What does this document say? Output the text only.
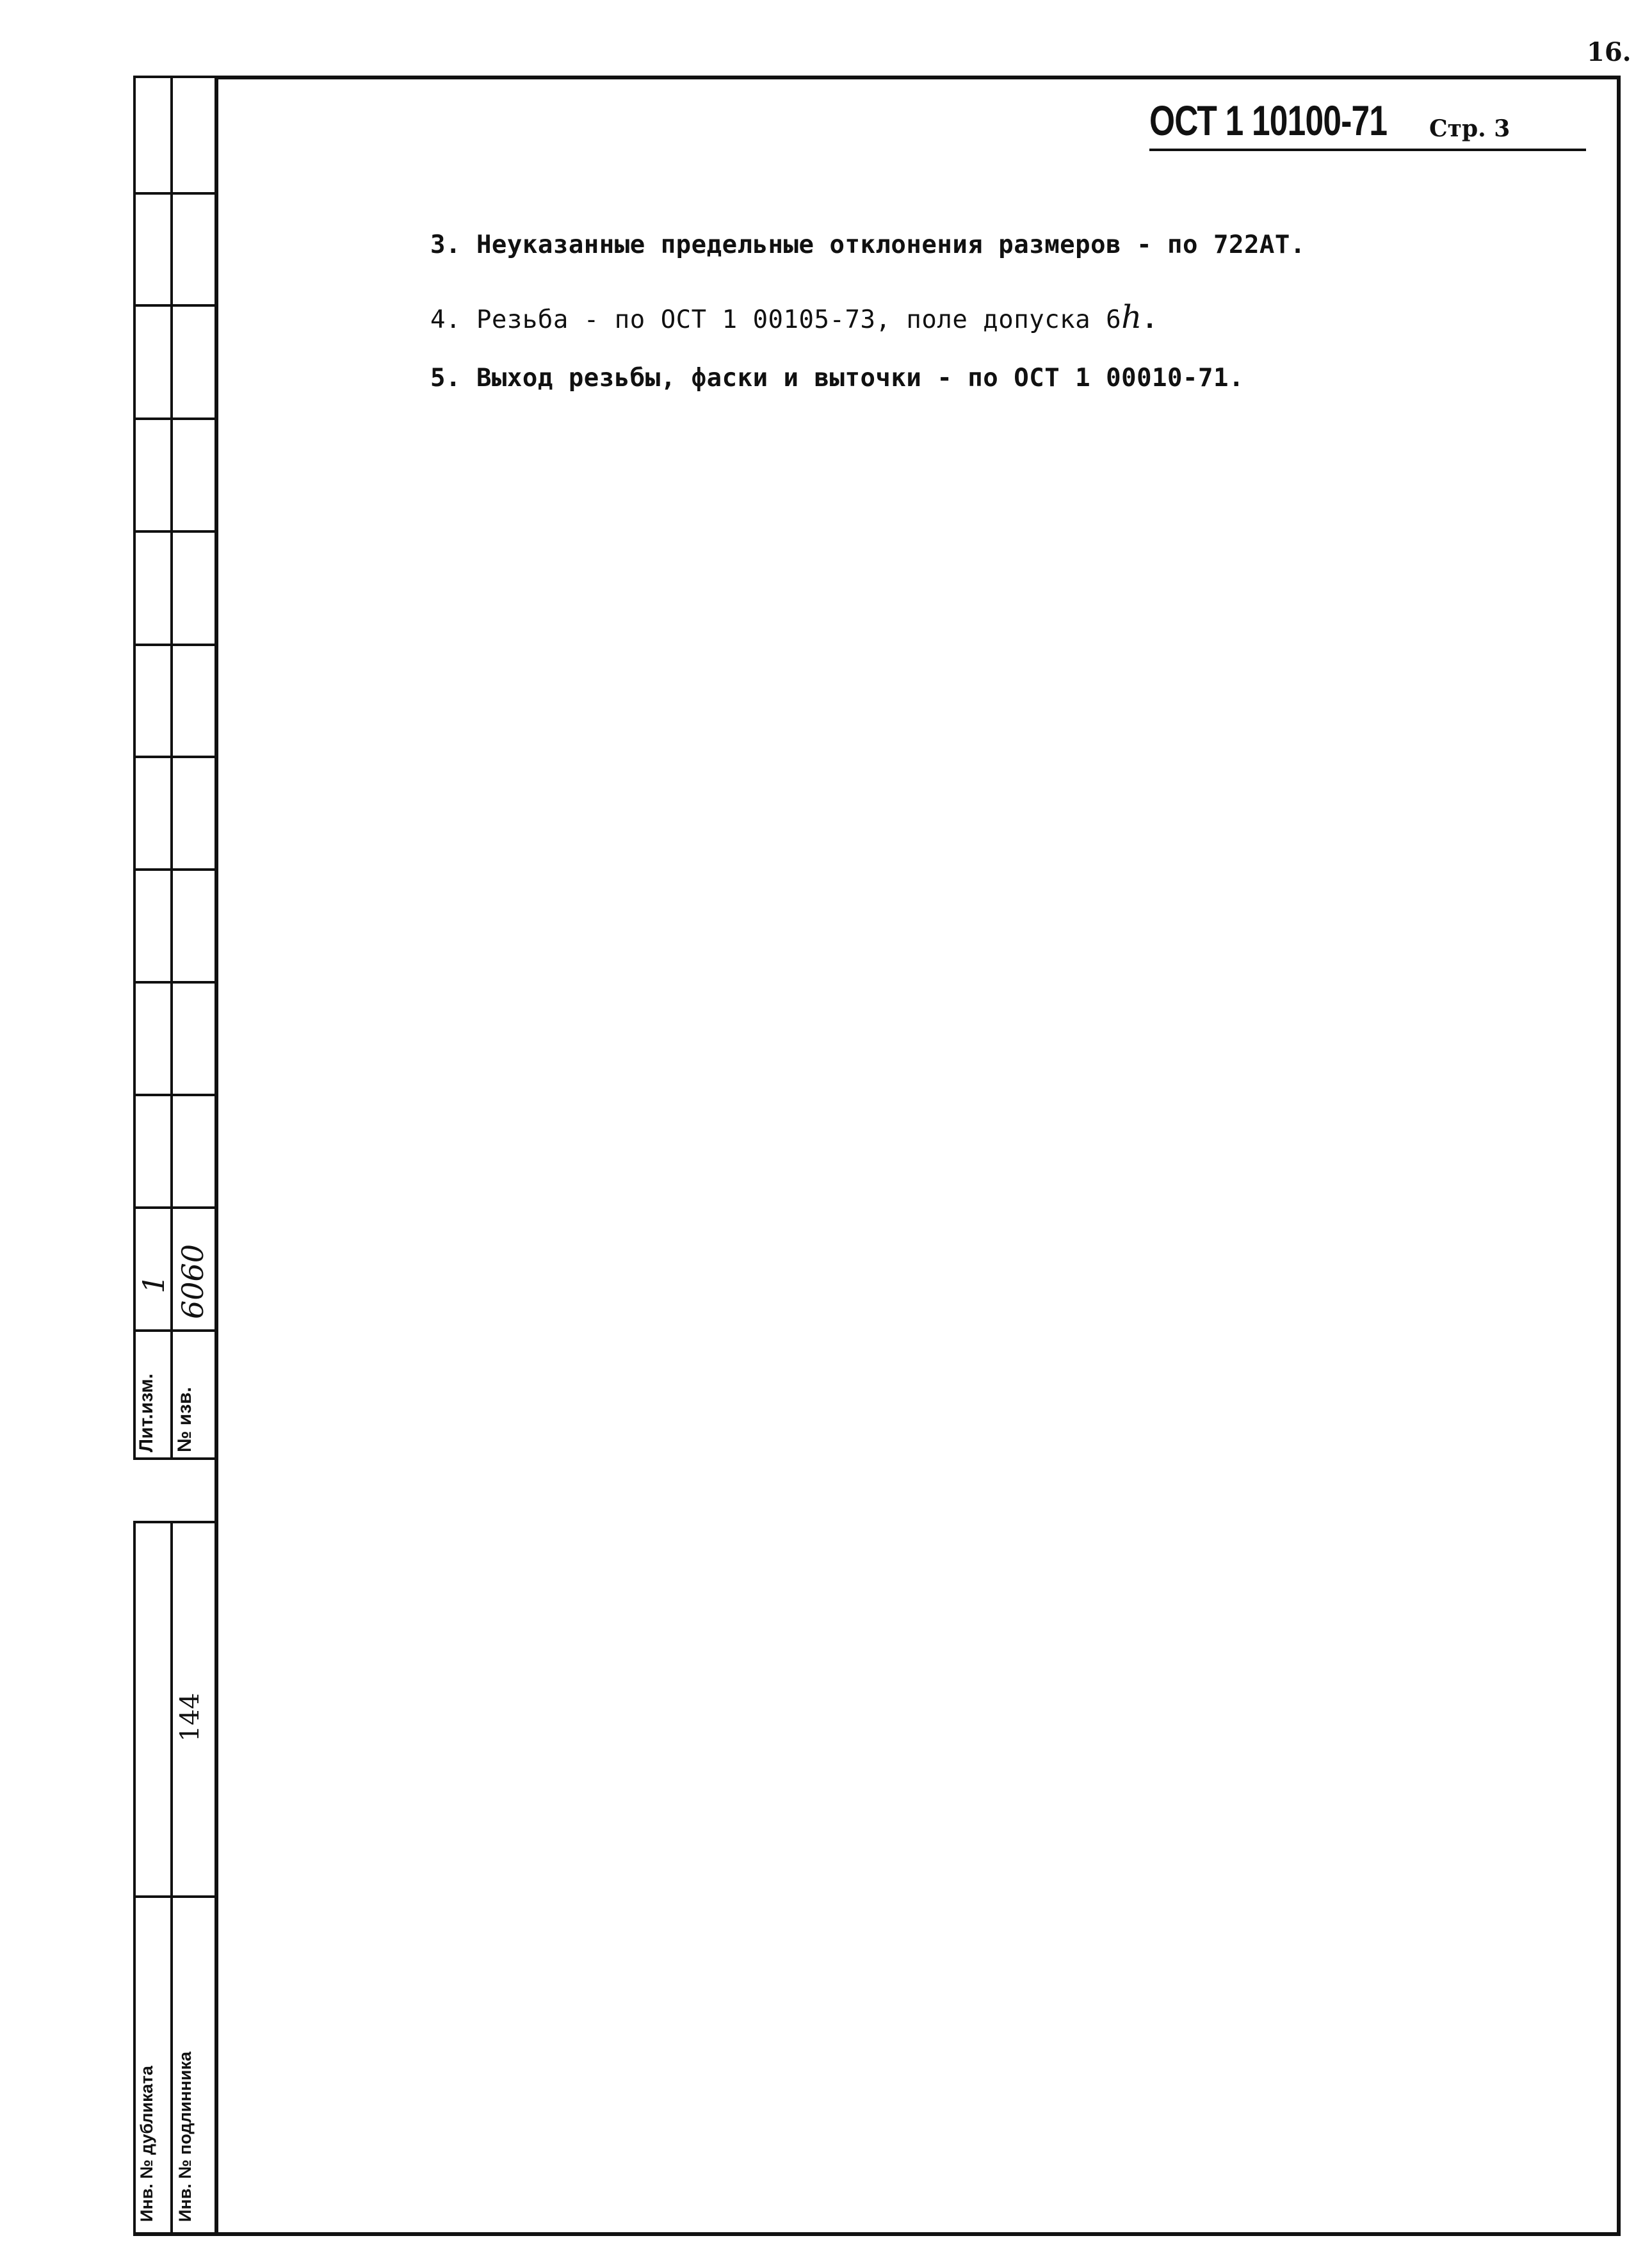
16.
Лит.изм. № изв.
1 6060
Инв. № дубликата Инв. № подлинника
144
ОСТ 1 10100-71 Стр. 3
3. Неуказанные предельные отклонения размеров - по 722АТ.
4. Резьба - по ОСТ 1 00105-73, поле допуска 6h.
5. Выход резьбы, фаски и выточки - по ОСТ 1 00010-71.
